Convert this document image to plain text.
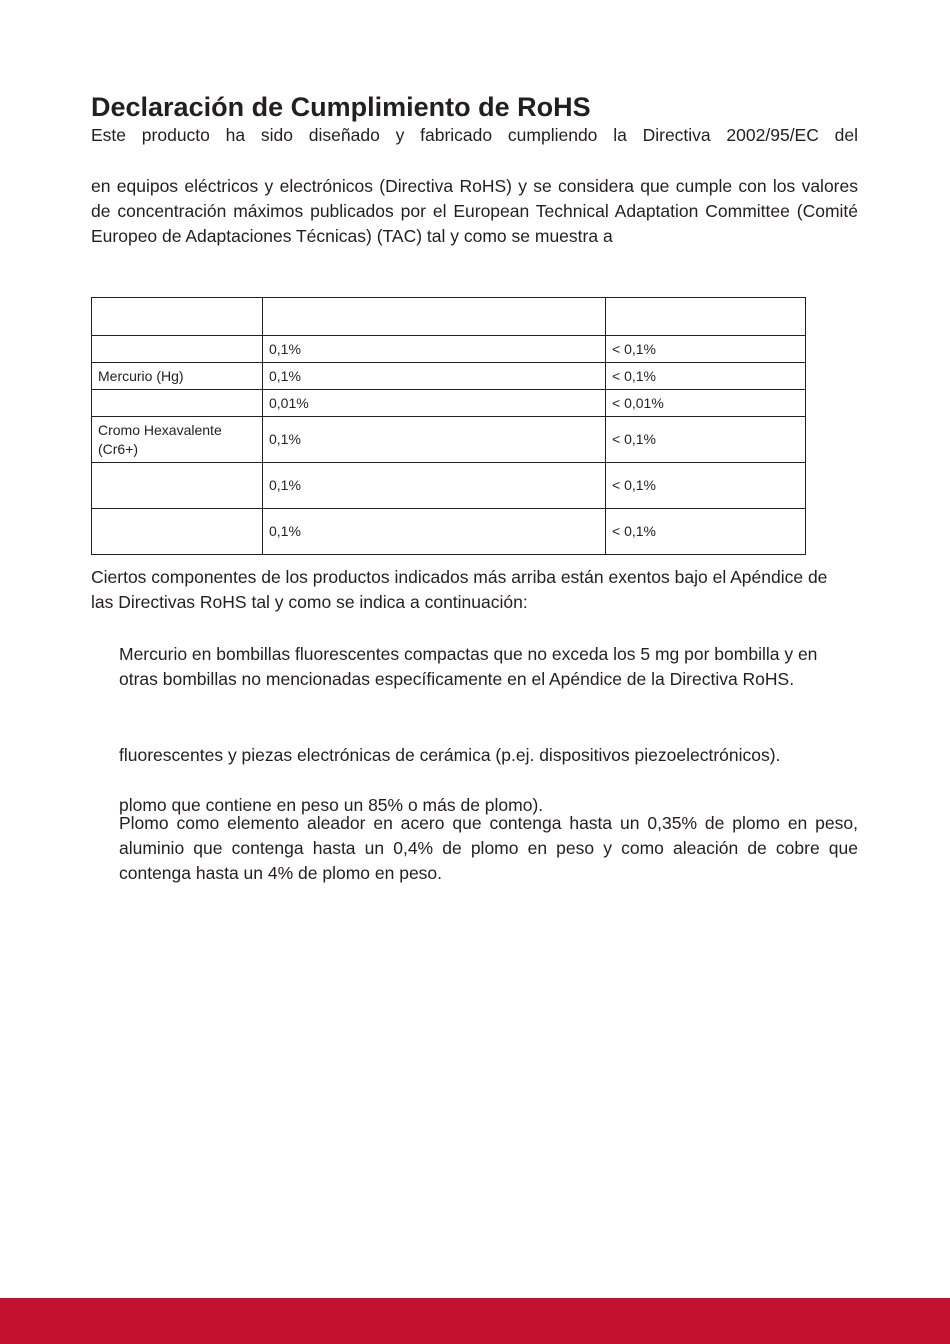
Declaración de Cumplimiento de RoHS

Este producto ha sido diseñado y fabricado cumpliendo la Directiva 2002/95/EC del

en equipos eléctricos y electrónicos (Directiva RoHS) y se considera que cumple con los valores de concentración máximos publicados por el European Technical Adaptation Committee (Comité Europeo de Adaptaciones Técnicas) (TAC) tal y como se muestra a

	0,1%	< 0,1%
Mercurio (Hg)	0,1%	< 0,1%
	0,01%	< 0,01%
Cromo Hexavalente (Cr6+)	0,1%	< 0,1%
	0,1%	< 0,1%
	0,1%	< 0,1%

Ciertos componentes de los productos indicados más arriba están exentos bajo el Apéndice de las Directivas RoHS tal y como se indica a continuación:

Mercurio en bombillas fluorescentes compactas que no exceda los 5 mg por bombilla y en otras bombillas no mencionadas específicamente en el Apéndice de la Directiva RoHS.

fluorescentes y piezas electrónicas de cerámica (p.ej. dispositivos piezoelectrónicos).

plomo que contiene en peso un 85% o más de plomo).

Plomo como elemento aleador en acero que contenga hasta un 0,35% de plomo en peso, aluminio que contenga hasta un 0,4% de plomo en peso y como aleación de cobre que contenga hasta un 4% de plomo en peso.
